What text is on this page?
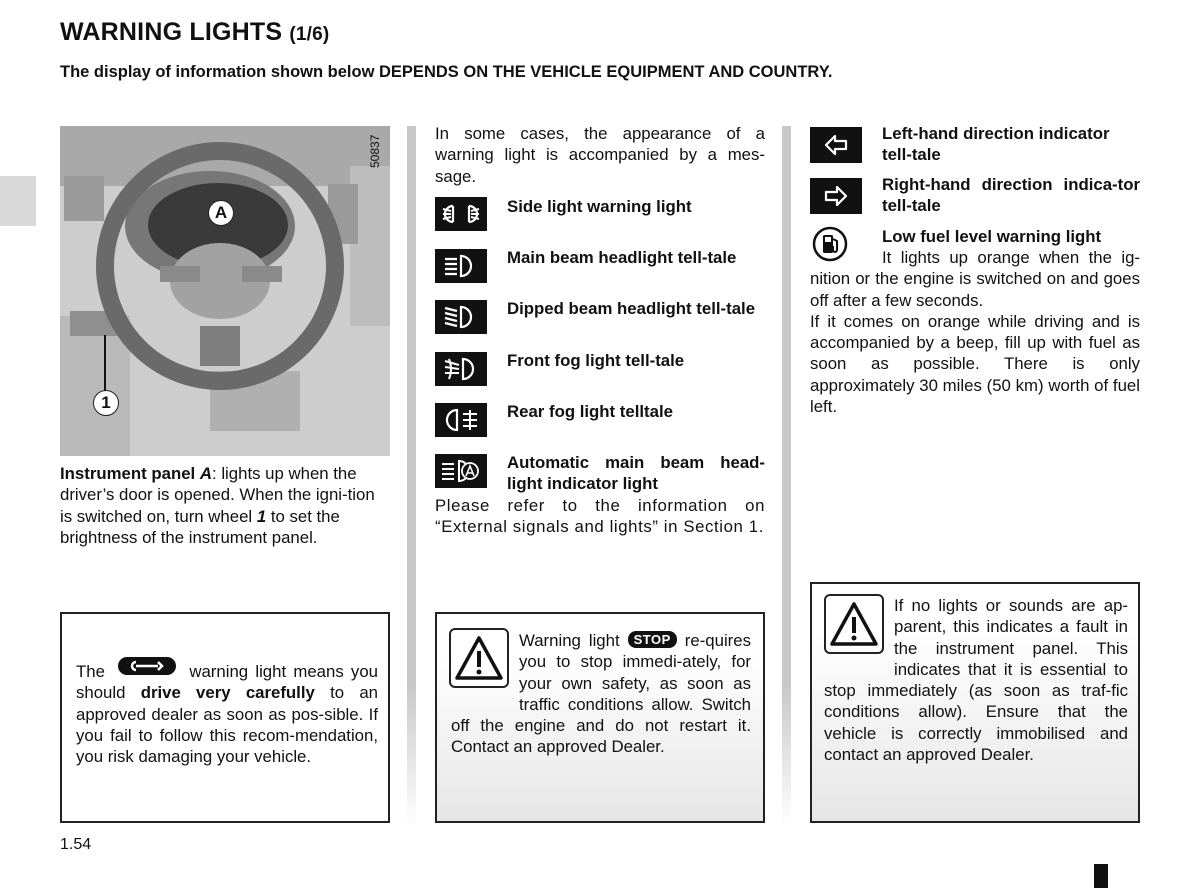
WARNING LIGHTS (1/6)
The display of information shown below DEPENDS ON THE VEHICLE EQUIPMENT AND COUNTRY.
A
1
50837
Instrument panel A: lights up when the driver’s door is opened. When the igni-tion is switched on, turn wheel 1 to set the brightness of the instrument panel.
The	warning light means you should drive very carefully to an approved dealer as soon as pos-sible. If you fail to follow this recom-mendation, you risk damaging your vehicle.
In some cases, the appearance of a warning light is accompanied by a mes-sage.
Side light warning light
Main beam headlight tell-tale
Dipped beam headlight tell-tale
Front fog light tell-tale
Rear fog light telltale
Automatic main beam head-light indicator light
Please refer to the information on “External signals and lights” in Section 1.
Warning light STOP re-quires you to stop immedi-ately, for your own safety, as soon as traffic conditions allow. Switch off the engine and do not restart it. Contact an approved Dealer.
Left-hand direction indicator tell-tale
Right-hand direction indica-tor tell-tale
Low fuel level warning light
It lights up orange when the ig-nition or the engine is switched on and goes off after a few seconds.
If it comes on orange while driving and is accompanied by a beep, fill up with fuel as soon as possible. There is only approximately 30 miles (50 km) worth of fuel left.
If no lights or sounds are ap-parent, this indicates a fault in the instrument panel. This indicates that it is essential to stop immediately (as soon as traf-fic conditions allow). Ensure that the vehicle is correctly immobilised and contact an approved Dealer.
1.54
